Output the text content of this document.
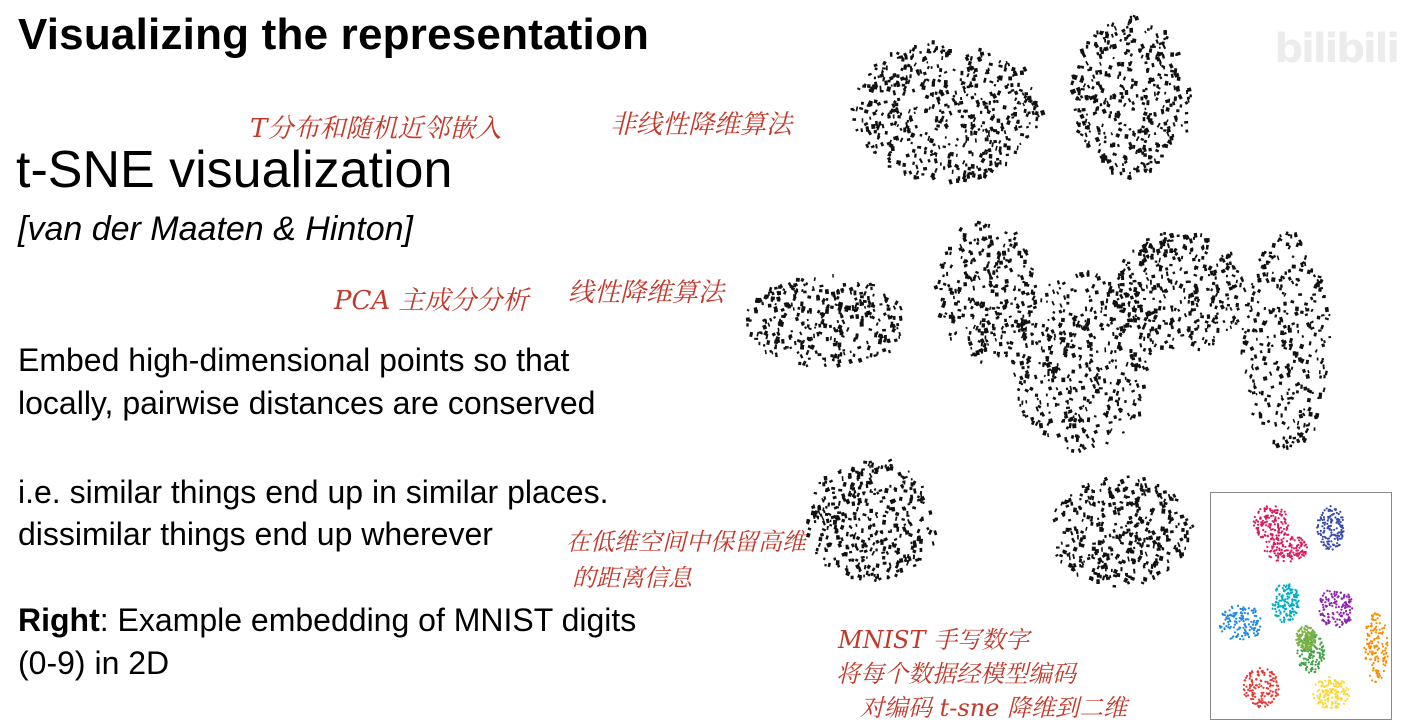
Visualizing the representation
T分布和随机近邻嵌入	非线性降维算法
t-SNE visualization
[van der Maaten & Hinton]
PCA 主成分分析 线性降维算法
Embed high-dimensional points so that
locally, pairwise distances are conserved
i.e. similar things end up in similar places.
dissimilar things end up wherever	在低维空间中保留高维
的距离信息
Right: Example embedding of MNIST digits
(0-9) in 2D
MNIST 手写数字
将每个数据经模型编码
对编码 t-sne 降维到二维
bilibili
